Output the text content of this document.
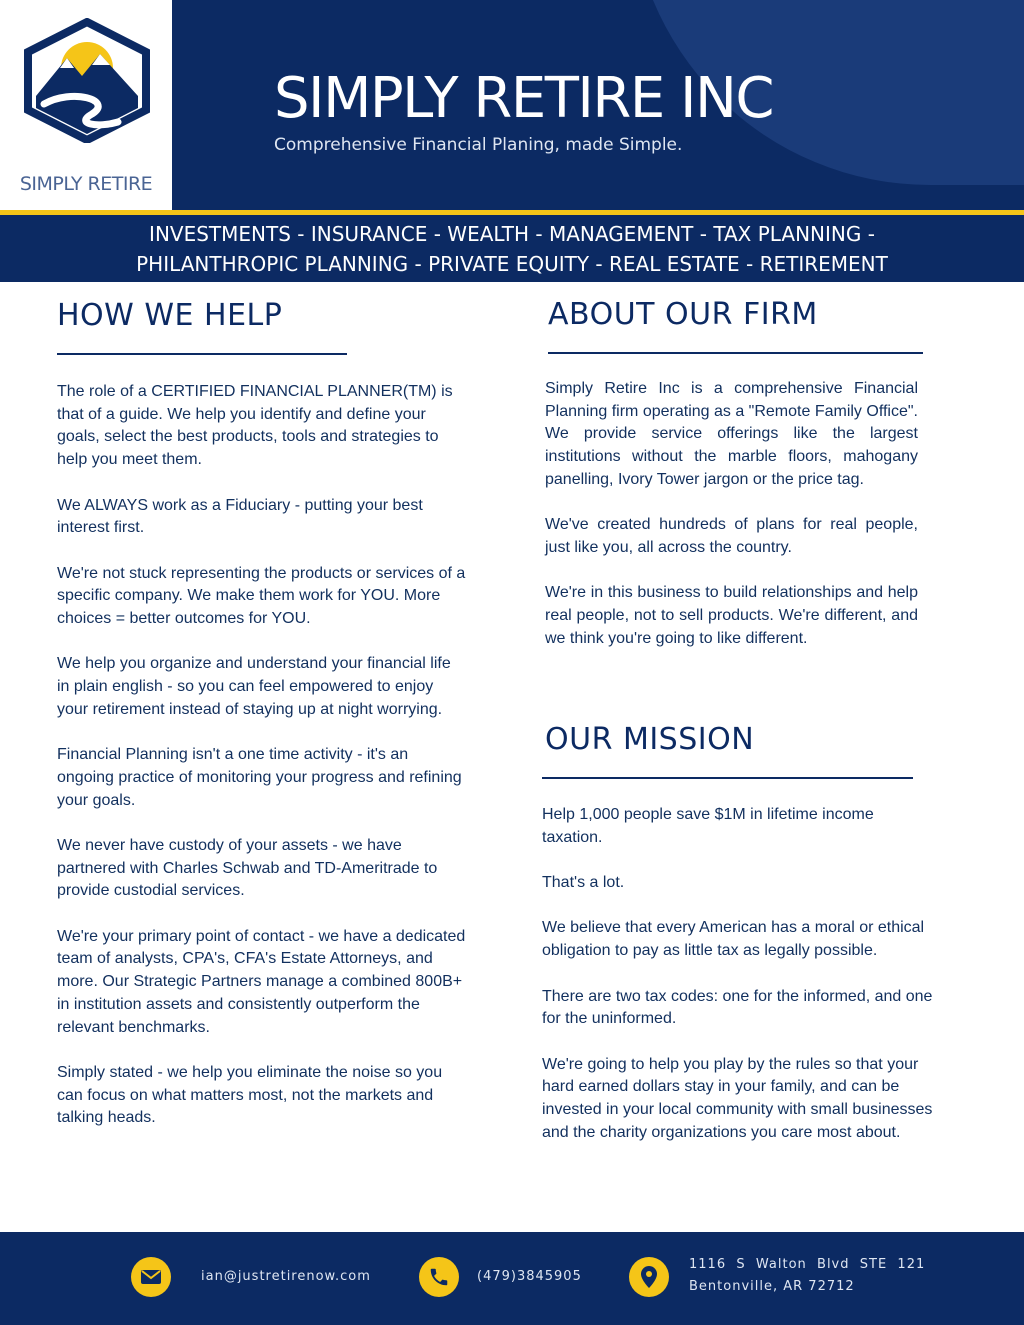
SIMPLY RETIRE
SIMPLY RETIRE INC
Comprehensive Financial Planing, made Simple.
INVESTMENTS - INSURANCE - WEALTH - MANAGEMENT - TAX PLANNING -
PHILANTHROPIC PLANNING - PRIVATE EQUITY - REAL ESTATE - RETIREMENT
HOW WE HELP

The role of a CERTIFIED FINANCIAL PLANNER(TM) is that of a guide. We help you identify and define your goals, select the best products, tools and strategies to help you meet them.

We ALWAYS work as a Fiduciary - putting your best interest first.

We're not stuck representing the products or services of a specific company. We make them work for YOU. More choices = better outcomes for YOU.

We help you organize and understand your financial life in plain english - so you can feel empowered to enjoy your retirement instead of staying up at night worrying.

Financial Planning isn't a one time activity - it's an ongoing practice of monitoring your progress and refining your goals.

We never have custody of your assets - we have partnered with Charles Schwab and TD-Ameritrade to provide custodial services.

We're your primary point of contact - we have a dedicated team of analysts, CPA's, CFA's Estate Attorneys, and more. Our Strategic Partners manage a combined 800B+ in institution assets and consistently outperform the relevant benchmarks.

Simply stated - we help you eliminate the noise so you can focus on what matters most, not the markets and talking heads.

ABOUT OUR FIRM

Simply Retire Inc is a comprehensive Financial Planning firm operating as a "Remote Family Office". We provide service offerings like the largest institutions without the marble floors, mahogany panelling, Ivory Tower jargon or the price tag.

We've created hundreds of plans for real people, just like you, all across the country.

We're in this business to build relationships and help real people, not to sell products. We're different, and we think you're going to like different.

OUR MISSION

Help 1,000 people save $1M in lifetime income taxation.

That's a lot.

We believe that every American has a moral or ethical obligation to pay as little tax as legally possible.

There are two tax codes: one for the informed, and one for the uninformed.

We're going to help you play by the rules so that your hard earned dollars stay in your family, and can be invested in your local community with small businesses and the charity organizations you care most about.

ian@justretirenow.com	(479)3845905
1116  S  Walton  Blvd  STE  121
Bentonville, AR 72712
